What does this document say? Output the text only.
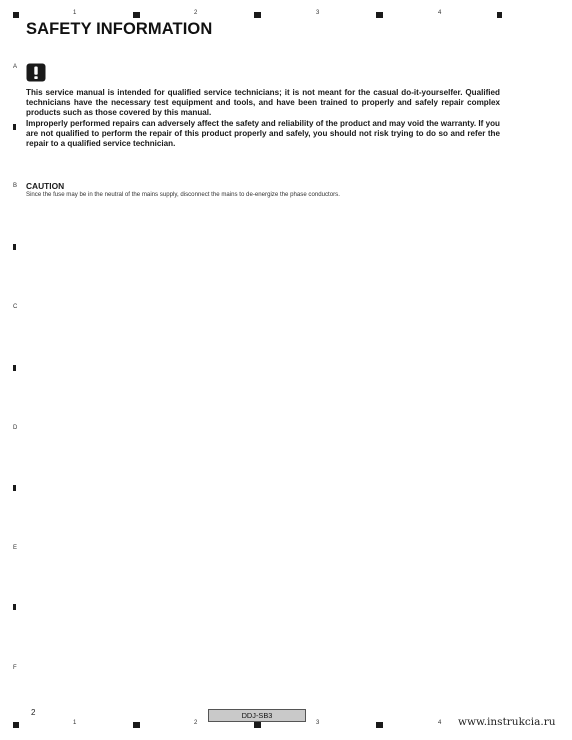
1	2	3	4
A
B
C
D
E
F
SAFETY INFORMATION

This service manual is intended for qualified service technicians; it is not meant for the casual do-it-yourselfer. Qualified technicians have the necessary test equipment and tools, and have been trained to properly and safely repair complex products such as those covered by this manual.

Improperly performed repairs can adversely affect the safety and reliability of the product and may void the warranty. If you are not qualified to perform the repair of this product properly and safely, you should not risk trying to do so and refer the repair to a qualified service technician.

CAUTION
Since the fuse may be in the neutral of the mains supply, disconnect the mains to de-energize the phase conductors.
2	DDJ-SB3
1	2	3	4 www.instrukcia.ru
